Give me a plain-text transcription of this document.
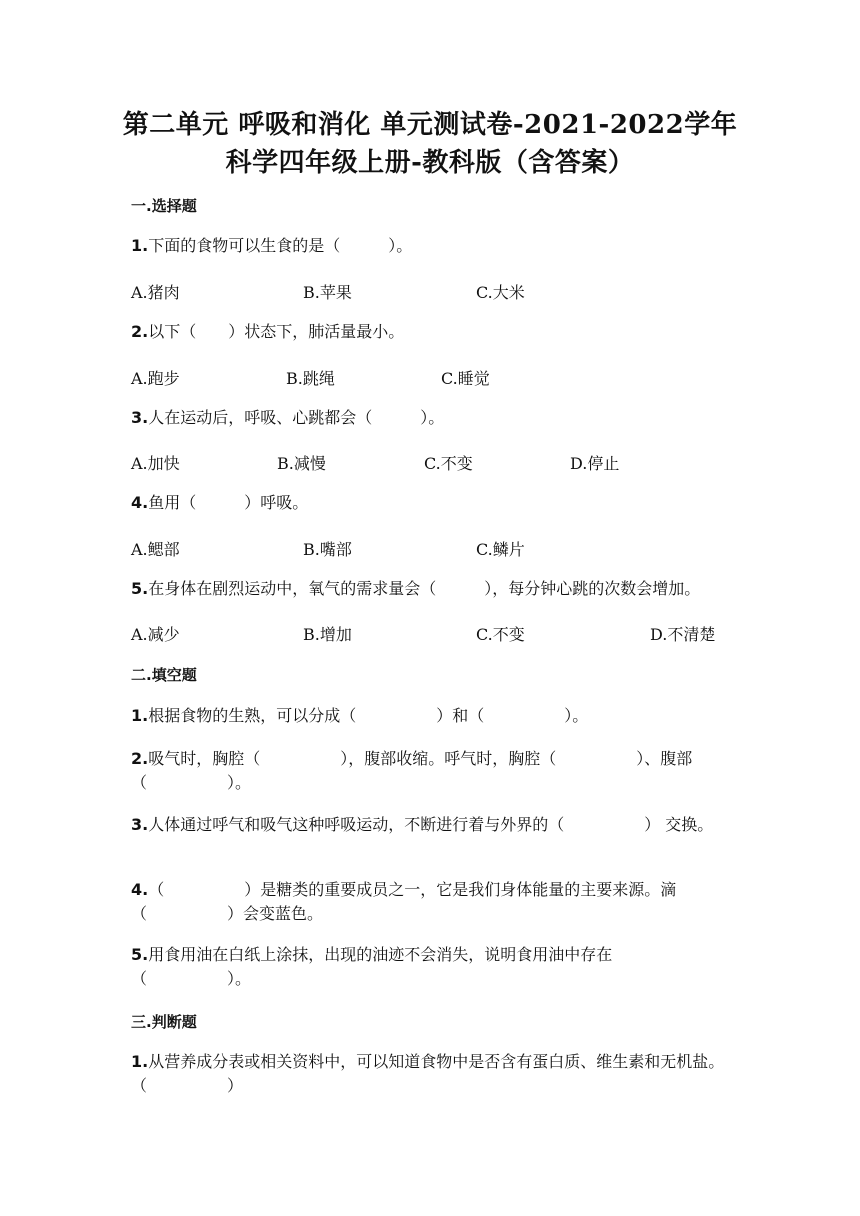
第二单元 呼吸和消化 单元测试卷-2021-2022学年
科学四年级上册-教科版（含答案）
一.选择题
1.下面的食物可以生食的是（　　　）。
A.猪肉	B.苹果	C.大米
2.以下（　　）状态下，肺活量最小。
A.跑步	B.跳绳	C.睡觉
3.人在运动后，呼吸、心跳都会（　　　）。
A.加快	B.减慢	C.不变	D.停止
4.鱼用（　　　）呼吸。
A.鳃部	B.嘴部	C.鳞片
5.在身体在剧烈运动中，氧气的需求量会（　　　），每分钟心跳的次数会增加。
A.减少	B.增加	C.不变	D.不清楚
二.填空题
1.根据食物的生熟，可以分成（　　　　　）和（　　　　　）。
2.吸气时，胸腔（　　　　　），腹部收缩。呼气时，胸腔（　　　　　）、腹部（　　　　　）。
3.人体通过呼气和吸气这种呼吸运动，不断进行着与外界的（　　　　　） 交换。
4.（　　　　　）是糖类的重要成员之一，它是我们身体能量的主要来源。滴（　　　　　）会变蓝色。
5.用食用油在白纸上涂抹，出现的油迹不会消失，说明食用油中存在（　　　　　）。
三.判断题
1.从营养成分表或相关资料中，可以知道食物中是否含有蛋白质、维生素和无机盐。（　　　　　）
